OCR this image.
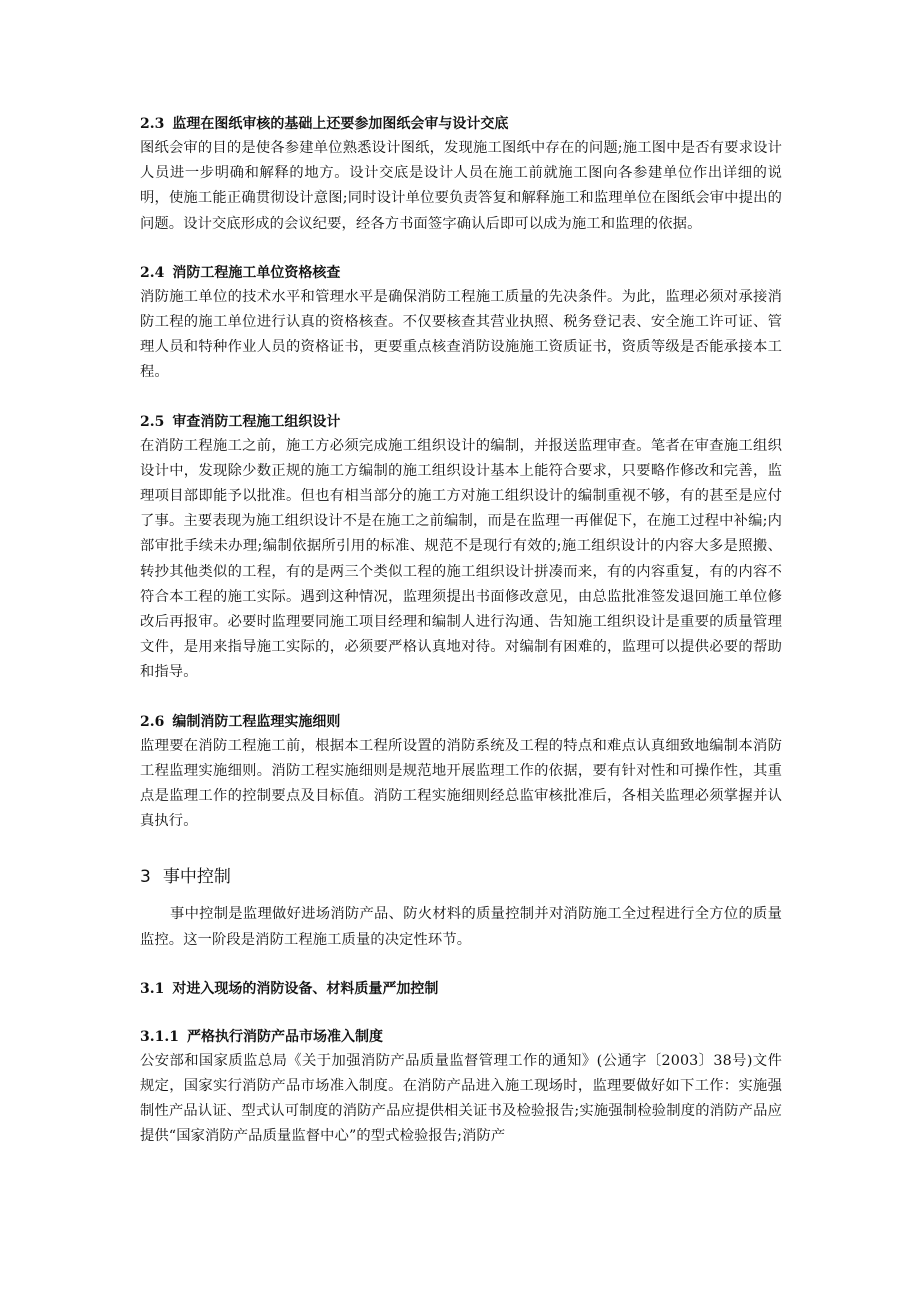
2.3 监理在图纸审核的基础上还要参加图纸会审与设计交底

图纸会审的目的是使各参建单位熟悉设计图纸，发现施工图纸中存在的问题;施工图中是否有要求设计人员进一步明确和解释的地方。设计交底是设计人员在施工前就施工图向各参建单位作出详细的说明，使施工能正确贯彻设计意图;同时设计单位要负责答复和解释施工和监理单位在图纸会审中提出的问题。设计交底形成的会议纪要，经各方书面签字确认后即可以成为施工和监理的依据。

2.4 消防工程施工单位资格核查

消防施工单位的技术水平和管理水平是确保消防工程施工质量的先决条件。为此，监理必须对承接消防工程的施工单位进行认真的资格核查。不仅要核查其营业执照、税务登记表、安全施工许可证、管理人员和特种作业人员的资格证书，更要重点核查消防设施施工资质证书，资质等级是否能承接本工程。

2.5 审查消防工程施工组织设计

在消防工程施工之前，施工方必须完成施工组织设计的编制，并报送监理审查。笔者在审查施工组织设计中，发现除少数正规的施工方编制的施工组织设计基本上能符合要求，只要略作修改和完善，监理项目部即能予以批准。但也有相当部分的施工方对施工组织设计的编制重视不够，有的甚至是应付了事。主要表现为施工组织设计不是在施工之前编制，而是在监理一再催促下，在施工过程中补编;内部审批手续未办理;编制依据所引用的标准、规范不是现行有效的;施工组织设计的内容大多是照搬、转抄其他类似的工程，有的是两三个类似工程的施工组织设计拼凑而来，有的内容重复，有的内容不符合本工程的施工实际。遇到这种情况，监理须提出书面修改意见，由总监批准签发退回施工单位修改后再报审。必要时监理要同施工项目经理和编制人进行沟通、告知施工组织设计是重要的质量管理文件，是用来指导施工实际的，必须要严格认真地对待。对编制有困难的，监理可以提供必要的帮助和指导。

2.6 编制消防工程监理实施细则

监理要在消防工程施工前，根据本工程所设置的消防系统及工程的特点和难点认真细致地编制本消防工程监理实施细则。消防工程实施细则是规范地开展监理工作的依据，要有针对性和可操作性，其重点是监理工作的控制要点及目标值。消防工程实施细则经总监审核批准后，各相关监理必须掌握并认真执行。

3 事中控制

事中控制是监理做好进场消防产品、防火材料的质量控制并对消防施工全过程进行全方位的质量监控。这一阶段是消防工程施工质量的决定性环节。

3.1 对进入现场的消防设备、材料质量严加控制
3.1.1 严格执行消防产品市场准入制度

公安部和国家质监总局《关于加强消防产品质量监督管理工作的通知》(公通字〔2003〕38号)文件规定，国家实行消防产品市场准入制度。在消防产品进入施工现场时，监理要做好如下工作：实施强制性产品认证、型式认可制度的消防产品应提供相关证书及检验报告;实施强制检验制度的消防产品应提供“国家消防产品质量监督中心”的型式检验报告;消防产
